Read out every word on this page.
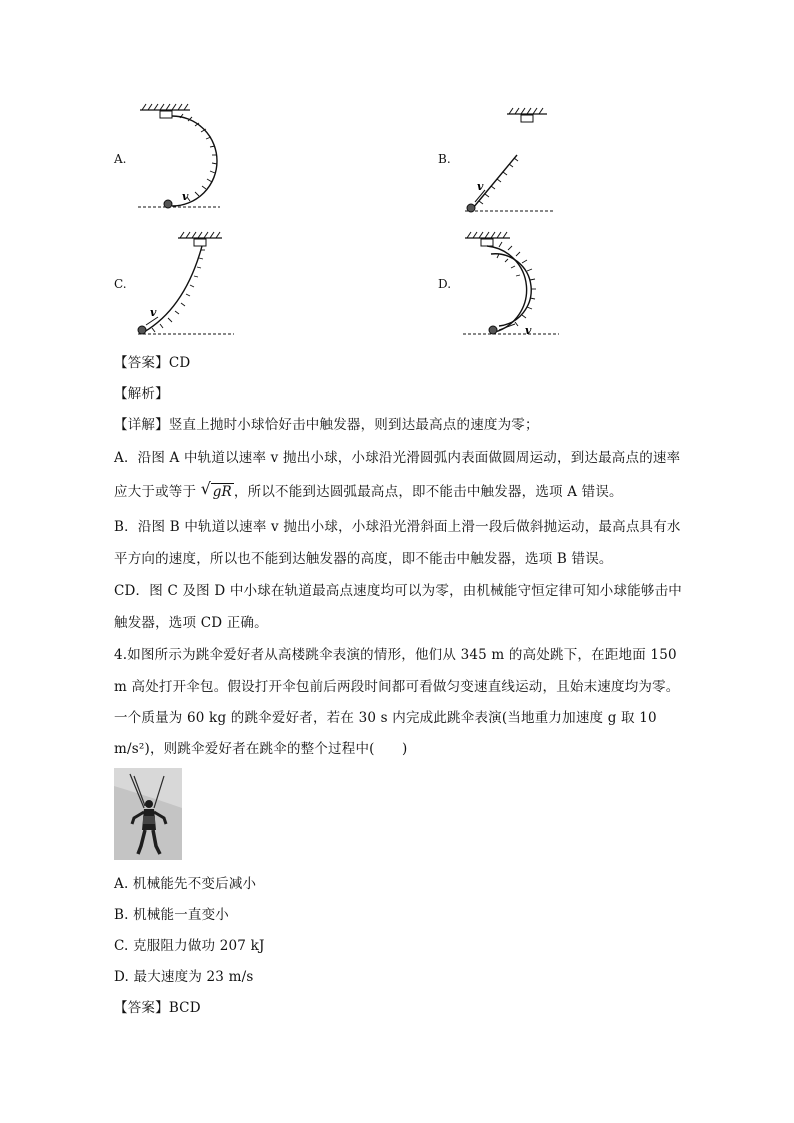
A.
v
B.
v
C.
v
D.
v
【答案】CD
【解析】
【详解】竖直上抛时小球恰好击中触发器，则到达最高点的速度为零；
A．沿图 A 中轨道以速率 v 抛出小球，小球沿光滑圆弧内表面做圆周运动，到达最高点的速率
应大于或等于 √ gR ，所以不能到达圆弧最高点，即不能击中触发器，选项 A 错误。
B．沿图 B 中轨道以速率 v 抛出小球，小球沿光滑斜面上滑一段后做斜抛运动，最高点具有水
平方向的速度，所以也不能到达触发器的高度，即不能击中触发器，选项 B 错误。
CD．图 C 及图 D 中小球在轨道最高点速度均可以为零，由机械能守恒定律可知小球能够击中
触发器，选项 CD 正确。
4.如图所示为跳伞爱好者从高楼跳伞表演的情形，他们从 345 m 的高处跳下，在距地面 150
m 高处打开伞包。假设打开伞包前后两段时间都可看做匀变速直线运动，且始末速度均为零。
一个质量为 60 kg 的跳伞爱好者，若在 30 s 内完成此跳伞表演(当地重力加速度 g 取 10
m/s²)，则跳伞爱好者在跳伞的整个过程中(　　)
A. 机械能先不变后减小
B. 机械能一直变小
C. 克服阻力做功 207 kJ
D. 最大速度为 23 m/s
【答案】BCD
